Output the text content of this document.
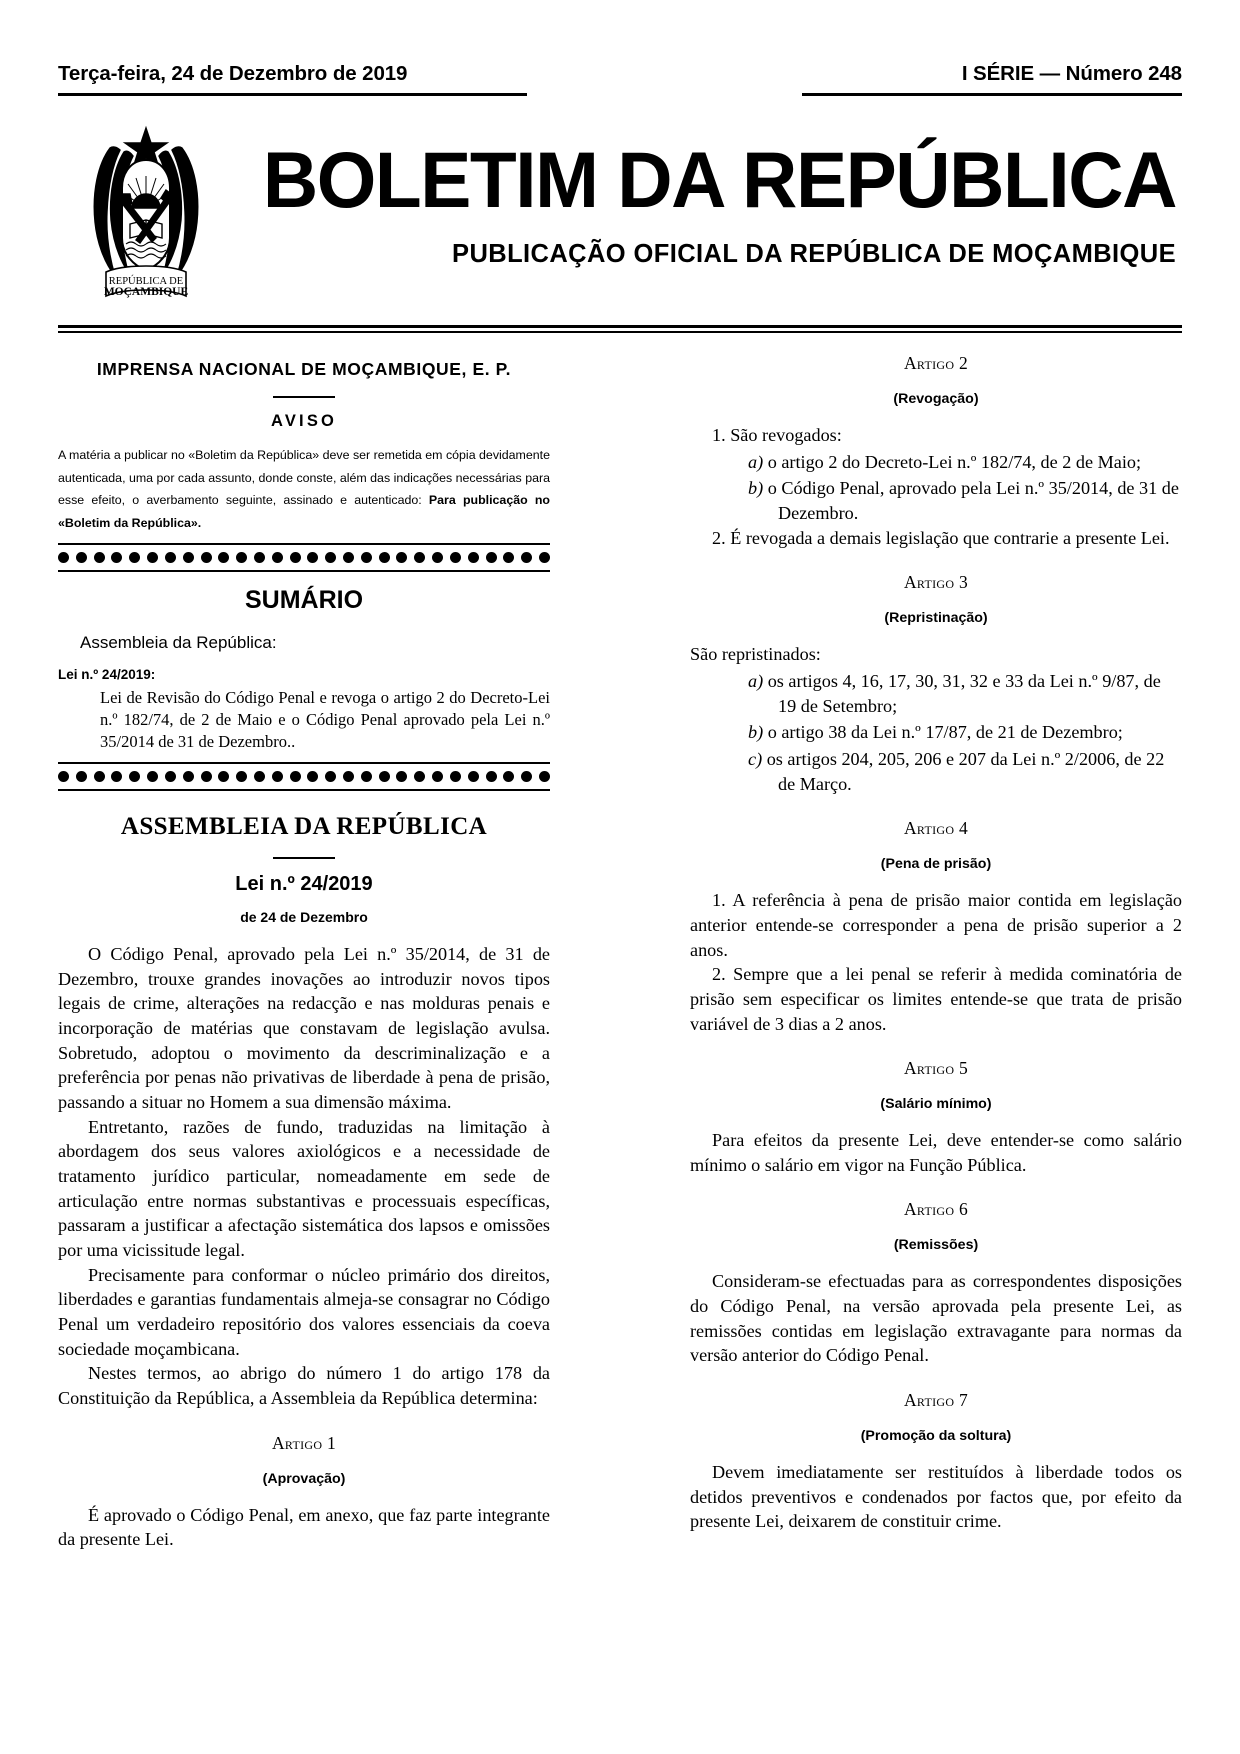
Terça-feira, 24 de Dezembro de 2019	I SÉRIE — Número 248
REPÚBLICA DE
MOÇAMBIQUE
BOLETIM DA REPÚBLICA
PUBLICAÇÃO OFICIAL DA REPÚBLICA DE MOÇAMBIQUE
IMPRENSA NACIONAL DE MOÇAMBIQUE, E. P.
AVISO
A matéria a publicar no «Boletim da República» deve ser remetida em cópia devidamente autenticada, uma por cada assunto, donde conste, além das indicações necessárias para esse efeito, o averbamento seguinte, assinado e autenticado: Para publicação no «Boletim da República».
SUMÁRIO
Assembleia da República:
Lei n.º 24/2019:
Lei de Revisão do Código Penal e revoga o artigo 2 do Decreto-Lei n.º 182/74, de 2 de Maio e o Código Penal aprovado pela Lei n.º 35/2014 de 31 de Dezembro..
ASSEMBLEIA DA REPÚBLICA
Lei n.º 24/2019
de 24 de Dezembro

O Código Penal, aprovado pela Lei n.º 35/2014, de 31 de Dezembro, trouxe grandes inovações ao introduzir novos tipos legais de crime, alterações na redacção e nas molduras penais e incorporação de matérias que constavam de legislação avulsa. Sobretudo, adoptou o movimento da descriminalização e a preferência por penas não privativas de liberdade à pena de prisão, passando a situar no Homem a sua dimensão máxima.

Entretanto, razões de fundo, traduzidas na limitação à abordagem dos seus valores axiológicos e a necessidade de tratamento jurídico particular, nomeadamente em sede de articulação entre normas substantivas e processuais específicas, passaram a justificar a afectação sistemática dos lapsos e omissões por uma vicissitude legal.

Precisamente para conformar o núcleo primário dos direitos, liberdades e garantias fundamentais almeja-se consagrar no Código Penal um verdadeiro repositório dos valores essenciais da coeva sociedade moçambicana.

Nestes termos, ao abrigo do número 1 do artigo 178 da Constituição da República, a Assembleia da República determina:

Artigo 1
(Aprovação)

É aprovado o Código Penal, em anexo, que faz parte integrante da presente Lei.

Artigo 2
(Revogação)

1. São revogados:

a) o artigo 2 do Decreto-Lei n.º 182/74, de 2 de Maio;
b) o Código Penal, aprovado pela Lei n.º 35/2014, de 31 de Dezembro.

2. É revogada a demais legislação que contrarie a presente Lei.

Artigo 3
(Repristinação)

São repristinados:

a) os artigos 4, 16, 17, 30, 31, 32 e 33 da Lei n.º 9/87, de 19 de Setembro;
b) o artigo 38 da Lei n.º 17/87, de 21 de Dezembro;
c) os artigos 204, 205, 206 e 207 da Lei n.º 2/2006, de 22 de Março.
Artigo 4
(Pena de prisão)

1. A referência à pena de prisão maior contida em legislação anterior entende-se corresponder a pena de prisão superior a 2 anos.

2. Sempre que a lei penal se referir à medida cominatória de prisão sem especificar os limites entende-se que trata de prisão variável de 3 dias a 2 anos.

Artigo 5
(Salário mínimo)

Para efeitos da presente Lei, deve entender-se como salário mínimo o salário em vigor na Função Pública.

Artigo 6
(Remissões)

Consideram-se efectuadas para as correspondentes disposições do Código Penal, na versão aprovada pela presente Lei, as remissões contidas em legislação extravagante para normas da versão anterior do Código Penal.

Artigo 7
(Promoção da soltura)

Devem imediatamente ser restituídos à liberdade todos os detidos preventivos e condenados por factos que, por efeito da presente Lei, deixarem de constituir crime.
